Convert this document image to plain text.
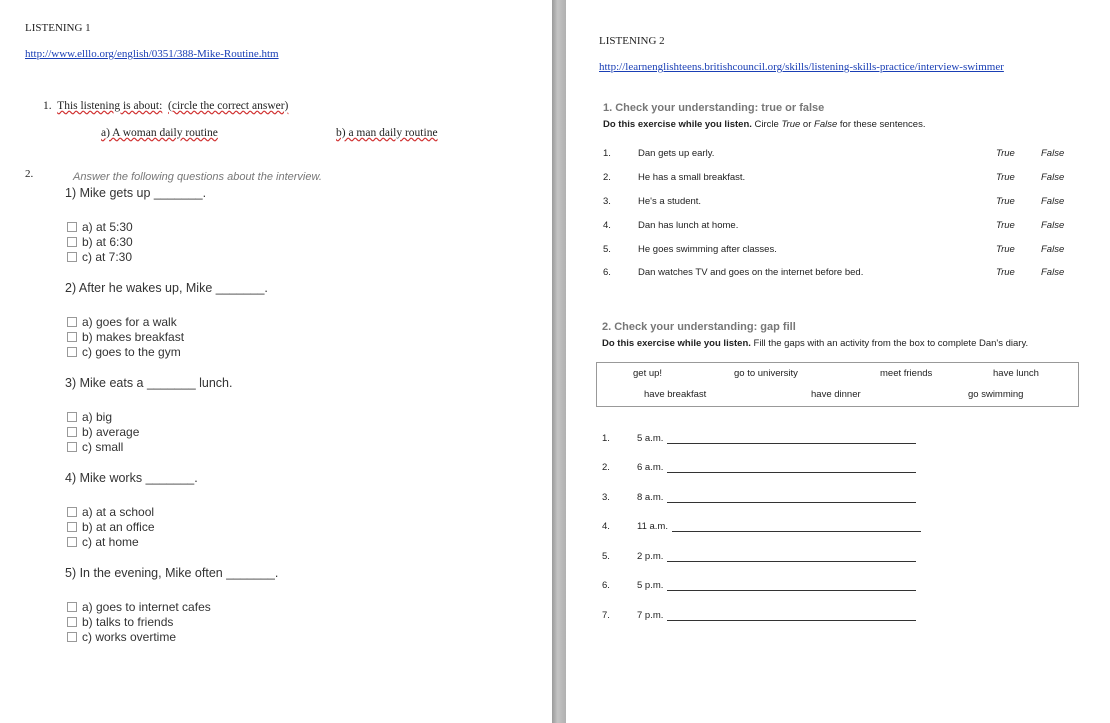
LISTENING 1
http://www.elllo.org/english/0351/388-Mike-Routine.htm
1. This listening is about: (circle the correct answer)
a) A woman daily routine	b) a man daily routine
2.	Answer the following questions about the interview.
1) Mike gets up _______.
a) at 5:30
b) at 6:30
c) at 7:30
2) After he wakes up, Mike _______.
a) goes for a walk
b) makes breakfast
c) goes to the gym
3) Mike eats a _______ lunch.
a) big
b) average
c) small
4) Mike works _______.
a) at a school
b) at an office
c) at home
5) In the evening, Mike often _______.
a) goes to internet cafes
b) talks to friends
c) works overtime
LISTENING 2
http://learnenglishteens.britishcouncil.org/skills/listening-skills-practice/interview-swimmer
1. Check your understanding: true or false
Do this exercise while you listen. Circle True or False for these sentences.
1.	Dan gets up early.	True	False
2.	He has a small breakfast.	True	False
3.	He's a student.	True	False
4.	Dan has lunch at home.	True	False
5.	He goes swimming after classes.	True	False
6.	Dan watches TV and goes on the internet before bed.	True	False
2. Check your understanding: gap fill
Do this exercise while you listen. Fill the gaps with an activity from the box to complete Dan's diary.
get up!	go to university	meet friends	have lunch
have breakfast	have dinner	go swimming
1.	5 a.m.
2.	6 a.m.
3.	8 a.m.
4.	11 a.m.
5.	2 p.m.
6.	5 p.m.
7.	7 p.m.
